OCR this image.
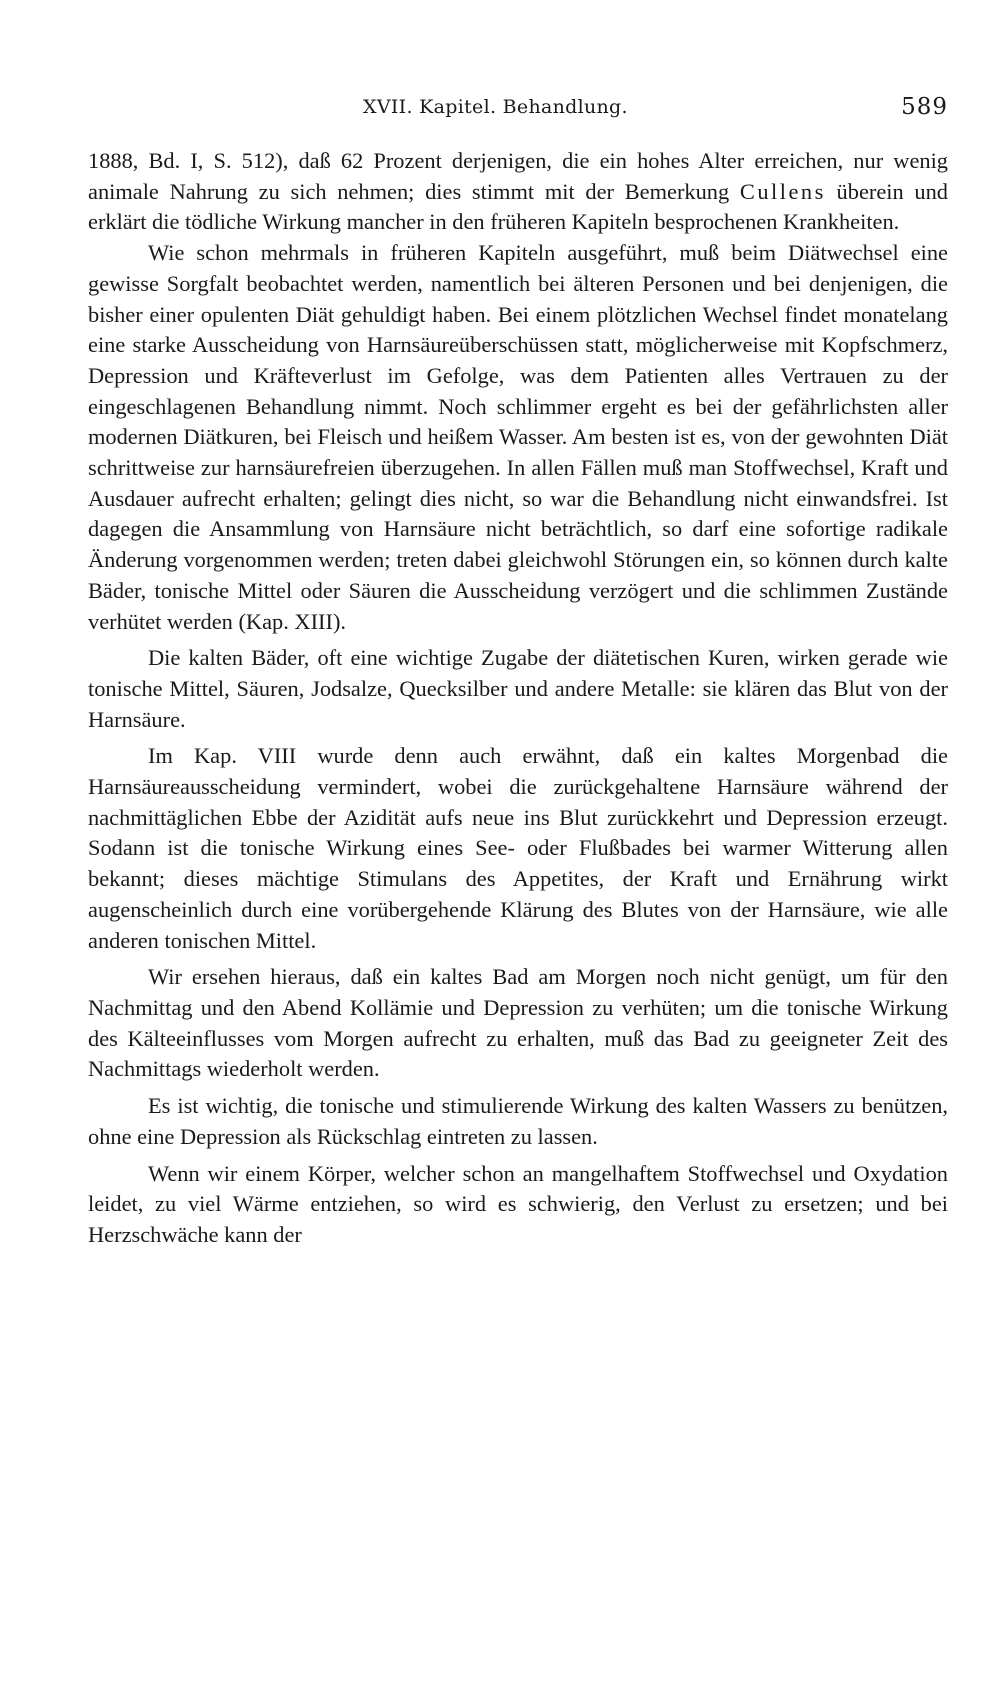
XVII. Kapitel. Behandlung.	589

1888, Bd. I, S. 512), daß 62 Prozent derjenigen, die ein hohes Alter erreichen, nur wenig animale Nahrung zu sich nehmen; dies stimmt mit der Bemerkung Cullens überein und erklärt die tödliche Wirkung mancher in den früheren Kapiteln besprochenen Krankheiten.

Wie schon mehrmals in früheren Kapiteln ausgeführt, muß beim Diätwechsel eine gewisse Sorgfalt beobachtet werden, namentlich bei älteren Personen und bei denjenigen, die bisher einer opulenten Diät gehuldigt haben. Bei einem plötzlichen Wechsel findet monatelang eine starke Ausscheidung von Harnsäureüberschüssen statt, möglicherweise mit Kopfschmerz, Depression und Kräfteverlust im Gefolge, was dem Patienten alles Vertrauen zu der eingeschlagenen Behandlung nimmt. Noch schlimmer ergeht es bei der gefährlichsten aller modernen Diätkuren, bei Fleisch und heißem Wasser. Am besten ist es, von der gewohnten Diät schrittweise zur harnsäurefreien überzugehen. In allen Fällen muß man Stoffwechsel, Kraft und Ausdauer aufrecht erhalten; gelingt dies nicht, so war die Behandlung nicht einwandsfrei. Ist dagegen die Ansammlung von Harnsäure nicht beträchtlich, so darf eine sofortige radikale Änderung vorgenommen werden; treten dabei gleichwohl Störungen ein, so können durch kalte Bäder, tonische Mittel oder Säuren die Ausscheidung verzögert und die schlimmen Zustände verhütet werden (Kap. XIII).

Die kalten Bäder, oft eine wichtige Zugabe der diätetischen Kuren, wirken gerade wie tonische Mittel, Säuren, Jodsalze, Quecksilber und andere Metalle: sie klären das Blut von der Harnsäure.

Im Kap. VIII wurde denn auch erwähnt, daß ein kaltes Morgenbad die Harnsäureausscheidung vermindert, wobei die zurückgehaltene Harnsäure während der nachmittäglichen Ebbe der Azidität aufs neue ins Blut zurückkehrt und Depression erzeugt. Sodann ist die tonische Wirkung eines See- oder Flußbades bei warmer Witterung allen bekannt; dieses mächtige Stimulans des Appetites, der Kraft und Ernährung wirkt augenscheinlich durch eine vorübergehende Klärung des Blutes von der Harnsäure, wie alle anderen tonischen Mittel.

Wir ersehen hieraus, daß ein kaltes Bad am Morgen noch nicht genügt, um für den Nachmittag und den Abend Kollämie und Depression zu verhüten; um die tonische Wirkung des Kälteeinflusses vom Morgen aufrecht zu erhalten, muß das Bad zu geeigneter Zeit des Nachmittags wiederholt werden.

Es ist wichtig, die tonische und stimulierende Wirkung des kalten Wassers zu benützen, ohne eine Depression als Rückschlag eintreten zu lassen.

Wenn wir einem Körper, welcher schon an mangelhaftem Stoffwechsel und Oxydation leidet, zu viel Wärme entziehen, so wird es schwierig, den Verlust zu ersetzen; und bei Herzschwäche kann der
